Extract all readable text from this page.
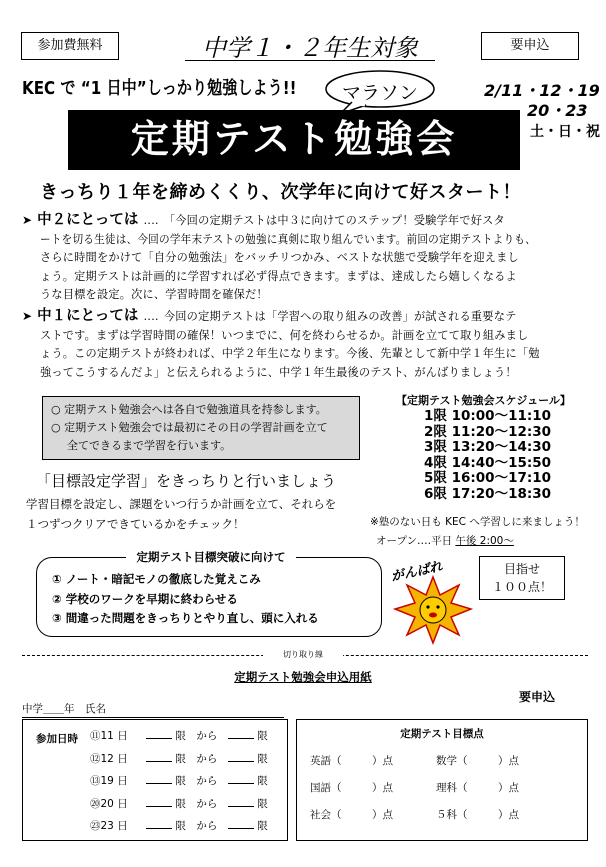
参加費無料	中学１・２年生対象	要申込
KEC で “1 日中”しっかり勉強しよう!!	マラソン	2/11・12・19
20・23
土・日・祝
定期テスト勉強会
きっちり１年を締めくくり、次学年に向けて好スタート！
➤ 中２にとっては ‥‥ 「今回の定期テストは中３に向けてのステップ！受験学年で好スタ
ートを切る生徒は、今回の学年末テストの勉強に真剣に取り組んでいます。前回の定期テストよりも、
さらに時間をかけて「自分の勉強法」をバッチリつかみ、ベストな状態で受験学年を迎えまし
ょう。定期テストは計画的に学習すれば必ず得点できます。まずは、達成したら嬉しくなるよ
うな目標を設定。次に、学習時間を確保だ！
➤ 中１にとっては ‥‥ 今回の定期テストは「学習への取り組みの改善」が試される重要なテ
ストです。まずは学習時間の確保！いつまでに、何を終わらせるか。計画を立てて取り組みまし
ょう。この定期テストが終われば、中学２年生になります。今後、先輩として新中学１年生に「勉
強ってこうするんだよ」と伝えられるように、中学１年生最後のテスト、がんばりましょう！
○ 定期テスト勉強会へは各自で勉強道具を持参します。
○ 定期テスト勉強会では最初にその日の学習計画を立て
全てできるまで学習を行います。
【定期テスト勉強会スケジュール】
1限 10:00～11:10
2限 11:20～12:30
3限 13:20～14:30
4限 14:40～15:50
5限 16:00～17:10
6限 17:20～18:30
「目標設定学習」をきっちりと行いましょう
学習目標を設定し、課題をいつ行うか計画を立て、それらを
１つずつクリアできているかをチェック！	※塾のない日も KEC へ学習しに来ましょう！
オープン‥‥平日 午後 2:00～
定期テスト目標突破に向けて
① ノート・暗記モノの徹底した覚えこみ
② 学校のワークを早期に終わらせる
③ 間違った問題をきっちりとやり直し、頭に入れる
がんばれ	目指せ
１００点！
切り取り線
定期テスト勉強会申込用紙
要申込
中学＿＿年　氏名
参加日時 ⑪11 日	限　 から　	限
⑫12 日	限　 から　	限
⑬19 日	限　 から　	限
⑳20 日	限　 から　	限
㉓23 日	限　 から　	限
定期テスト目標点
英語（	）点	数学（	）点
国語（	）点	理科（	）点
社会（	）点	５科（	）点
